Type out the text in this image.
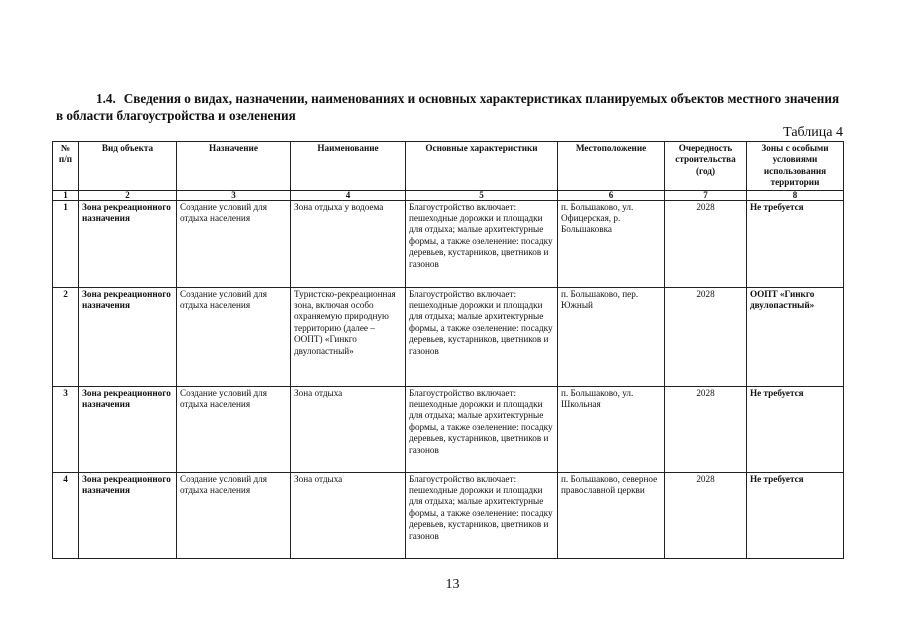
1.4. Сведения о видах, назначении, наименованиях и основных характеристиках планируемых объектов местного значения в области благоустройства и озеленения
Таблица 4
№ п/п	Вид объекта	Назначение	Наименование	Основные характеристики	Местоположение	Очередность строительства (год)	Зоны с особыми условиями использования территории
1	2	3	4	5	6	7	8
1	Зона рекреационного назначения	Создание условий для отдыха населения	Зона отдыха у водоема	Благоустройство включает: пешеходные дорожки и площадки для отдыха; малые архитектурные формы, а также озеленение: посадку деревьев, кустарников, цветников и газонов	п. Большаково, ул. Офицерская, р. Большаковка	2028	Не требуется
2	Зона рекреационного назначения	Создание условий для отдыха населения	Туристско-рекреационная зона, включая особо охраняемую природную территорию (далее – ООПТ) «Гинкго двулопастный»	Благоустройство включает: пешеходные дорожки и площадки для отдыха; малые архитектурные формы, а также озеленение: посадку деревьев, кустарников, цветников и газонов	п. Большаково, пер. Южный	2028	ООПТ «Гинкго двулопастный»
3	Зона рекреационного назначения	Создание условий для отдыха населения	Зона отдыха	Благоустройство включает: пешеходные дорожки и площадки для отдыха; малые архитектурные формы, а также озеленение: посадку деревьев, кустарников, цветников и газонов	п. Большаково, ул. Школьная	2028	Не требуется
4	Зона рекреационного назначения	Создание условий для отдыха населения	Зона отдыха	Благоустройство включает: пешеходные дорожки и площадки для отдыха; малые архитектурные формы, а также озеленение: посадку деревьев, кустарников, цветников и газонов	п. Большаково, северное православной церкви	2028	Не требуется
13
